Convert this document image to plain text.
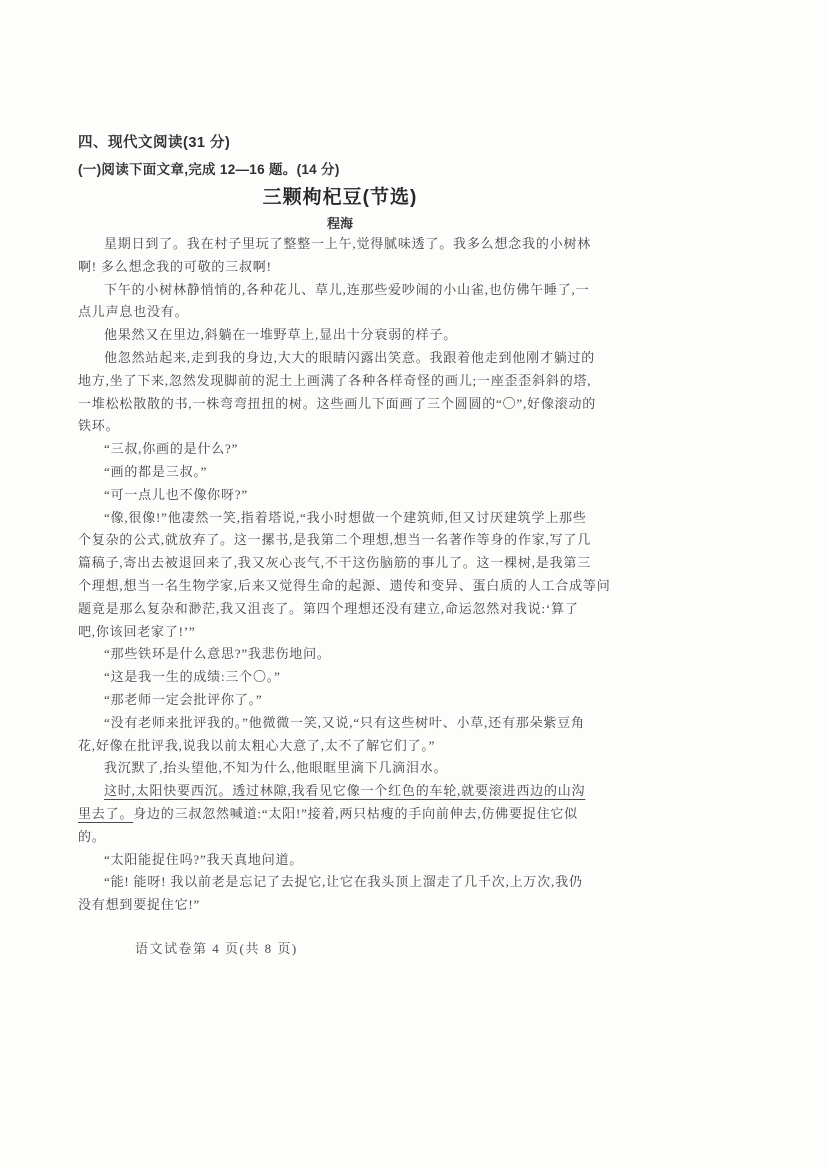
四、现代文阅读(31 分)
(一)阅读下面文章,完成 12—16 题。(14 分)
三颗枸杞豆(节选)
程海
星期日到了。我在村子里玩了整整一上午,觉得腻味透了。我多么想念我的小树林
啊! 多么想念我的可敬的三叔啊!
下午的小树林静悄悄的,各种花儿、草儿,连那些爱吵闹的小山雀,也仿佛午睡了,一
点儿声息也没有。
他果然又在里边,斜躺在一堆野草上,显出十分衰弱的样子。
他忽然站起来,走到我的身边,大大的眼睛闪露出笑意。我跟着他走到他刚才躺过的
地方,坐了下来,忽然发现脚前的泥土上画满了各种各样奇怪的画儿;一座歪歪斜斜的塔,
一堆松松散散的书,一株弯弯扭扭的树。这些画儿下面画了三个圆圆的“〇”,好像滚动的
铁环。
“三叔,你画的是什么?”
“画的都是三叔。”
“可一点儿也不像你呀?”
“像,很像!”他凄然一笑,指着塔说,“我小时想做一个建筑师,但又讨厌建筑学上那些
个复杂的公式,就放弃了。这一摞书,是我第二个理想,想当一名著作等身的作家,写了几
篇稿子,寄出去被退回来了,我又灰心丧气,不干这伤脑筋的事儿了。这一棵树,是我第三
个理想,想当一名生物学家,后来又觉得生命的起源、遗传和变异、蛋白质的人工合成等问
题竟是那么复杂和渺茫,我又沮丧了。第四个理想还没有建立,命运忽然对我说:‘算了
吧,你该回老家了!’”
“那些铁环是什么意思?”我悲伤地问。
“这是我一生的成绩:三个〇。”
“那老师一定会批评你了。”
“没有老师来批评我的。”他微微一笑,又说,“只有这些树叶、小草,还有那朵紫豆角
花,好像在批评我,说我以前太粗心大意了,太不了解它们了。”
我沉默了,抬头望他,不知为什么,他眼眶里滴下几滴泪水。
这时,太阳快要西沉。透过林隙,我看见它像一个红色的车轮,就要滚进西边的山沟
里去了。身边的三叔忽然喊道:“太阳!”接着,两只枯瘦的手向前伸去,仿佛要捉住它似
的。
“太阳能捉住吗?”我天真地问道。
“能! 能呀! 我以前老是忘记了去捉它,让它在我头顶上溜走了几千次,上万次,我仍
没有想到要捉住它!”
语文试卷第 4 页(共 8 页)
